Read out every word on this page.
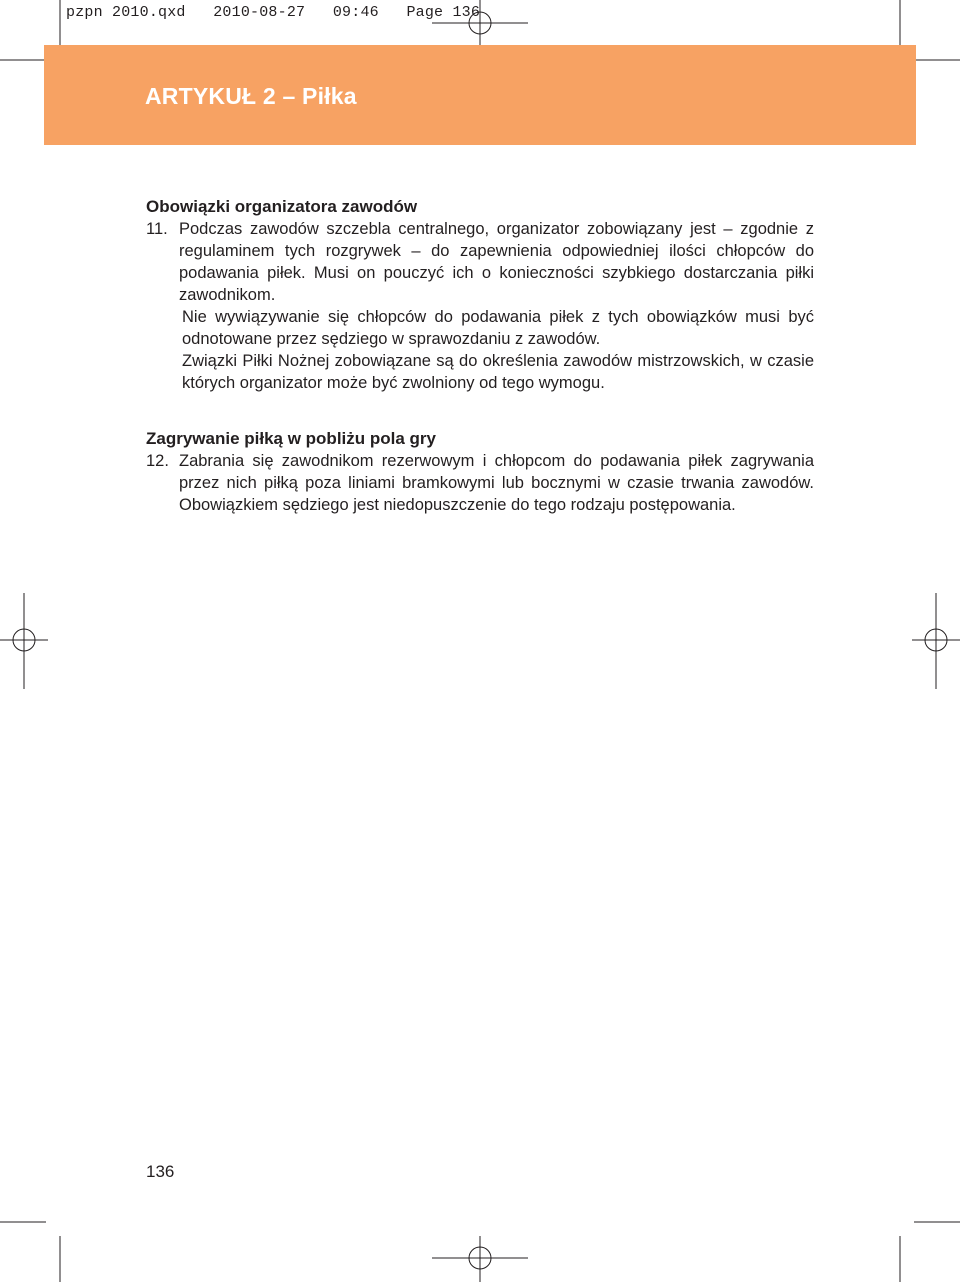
pzpn 2010.qxd   2010-08-27   09:46   Page 136
ARTYKUŁ 2 – Piłka
Obowiązki organizatora zawodów
11. Podczas zawodów szczebla centralnego, organizator zobowiązany jest – zgodnie z regulaminem tych rozgrywek – do zapewnienia odpowiedniej ilości chłopców do podawania piłek. Musi on pouczyć ich o konieczności szybkiego dostarczania piłki zawodnikom.

Nie wywiązywanie się chłopców do podawania piłek z tych obowiązków musi być odnotowane przez sędziego w sprawozdaniu z zawodów.

Związki Piłki Nożnej zobowiązane są do określenia zawodów mistrzowskich, w czasie których organizator może być zwolniony od tego wymogu.

Zagrywanie piłką w pobliżu pola gry
12. Zabrania się zawodnikom rezerwowym i chłopcom do podawania piłek zagrywania przez nich piłką poza liniami bramkowymi lub bocznymi w czasie trwania zawodów. Obowiązkiem sędziego jest niedopuszczenie do tego rodzaju postępowania.

136
